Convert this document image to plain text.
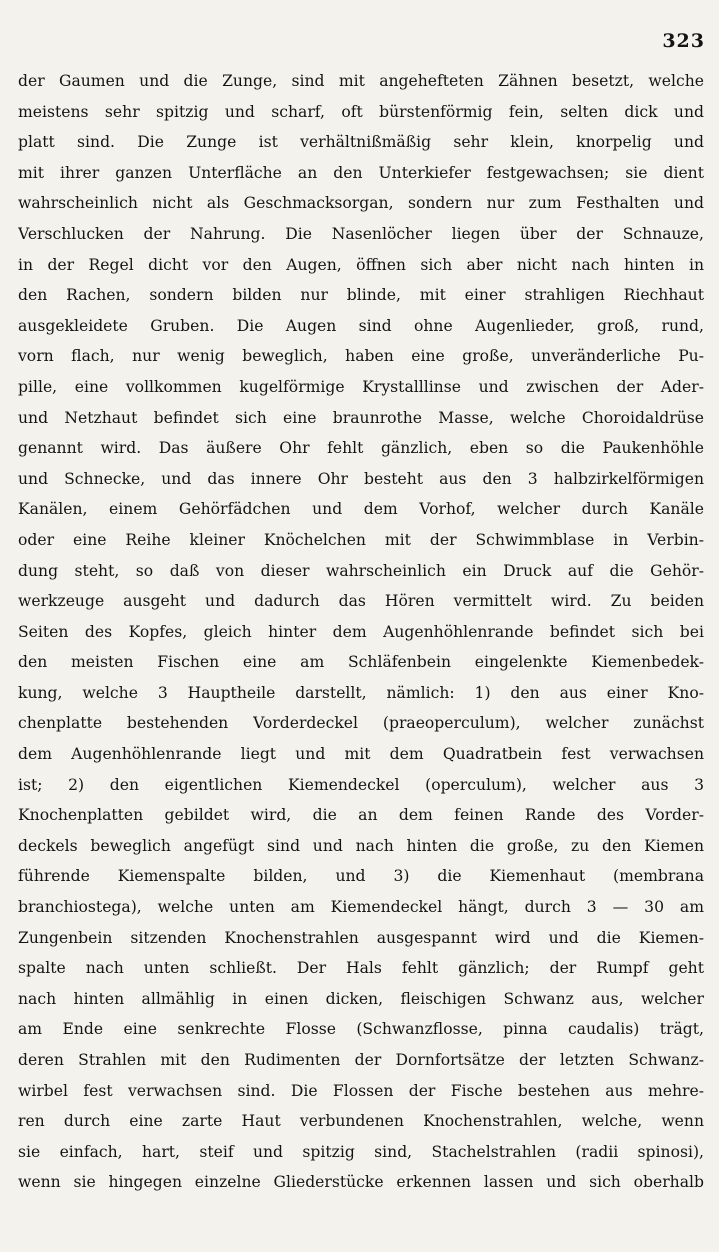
323
der Gaumen und die Zunge, sind mit angehefteten Zähnen besetzt, welche
meistens sehr spitzig und scharf, oft bürstenförmig fein, selten dick und
platt sind. Die Zunge ist verhältnißmäßig sehr klein, knorpelig und
mit ihrer ganzen Unterfläche an den Unterkiefer festgewachsen; sie dient
wahrscheinlich nicht als Geschmacksorgan, sondern nur zum Festhalten und
Verschlucken der Nahrung. Die Nasenlöcher liegen über der Schnauze,
in der Regel dicht vor den Augen, öffnen sich aber nicht nach hinten in
den Rachen, sondern bilden nur blinde, mit einer strahligen Riechhaut
ausgekleidete Gruben. Die Augen sind ohne Augenlieder, groß, rund,
vorn flach, nur wenig beweglich, haben eine große, unveränderliche Pu-
pille, eine vollkommen kugelförmige Krystalllinse und zwischen der Ader-
und Netzhaut befindet sich eine braunrothe Masse, welche Choroidaldrüse
genannt wird. Das äußere Ohr fehlt gänzlich, eben so die Paukenhöhle
und Schnecke, und das innere Ohr besteht aus den 3 halbzirkelförmigen
Kanälen, einem Gehörfädchen und dem Vorhof, welcher durch Kanäle
oder eine Reihe kleiner Knöchelchen mit der Schwimmblase in Verbin-
dung steht, so daß von dieser wahrscheinlich ein Druck auf die Gehör-
werkzeuge ausgeht und dadurch das Hören vermittelt wird. Zu beiden
Seiten des Kopfes, gleich hinter dem Augenhöhlenrande befindet sich bei
den meisten Fischen eine am Schläfenbein eingelenkte Kiemenbedek-
kung, welche 3 Hauptheile darstellt, nämlich: 1) den aus einer Kno-
chenplatte bestehenden Vorderdeckel (praeoperculum), welcher zunächst
dem Augenhöhlenrande liegt und mit dem Quadratbein fest verwachsen
ist; 2) den eigentlichen Kiemendeckel (operculum), welcher aus 3
Knochenplatten gebildet wird, die an dem feinen Rande des Vorder-
deckels beweglich angefügt sind und nach hinten die große, zu den Kiemen
führende Kiemenspalte bilden, und 3) die Kiemenhaut (membrana
branchiostega), welche unten am Kiemendeckel hängt, durch 3 — 30 am
Zungenbein sitzenden Knochenstrahlen ausgespannt wird und die Kiemen-
spalte nach unten schließt. Der Hals fehlt gänzlich; der Rumpf geht
nach hinten allmählig in einen dicken, fleischigen Schwanz aus, welcher
am Ende eine senkrechte Flosse (Schwanzflosse, pinna caudalis) trägt,
deren Strahlen mit den Rudimenten der Dornfortsätze der letzten Schwanz-
wirbel fest verwachsen sind. Die Flossen der Fische bestehen aus mehre-
ren durch eine zarte Haut verbundenen Knochenstrahlen, welche, wenn
sie einfach, hart, steif und spitzig sind, Stachelstrahlen (radii spinosi),
wenn sie hingegen einzelne Gliederstücke erkennen lassen und sich oberhalb
